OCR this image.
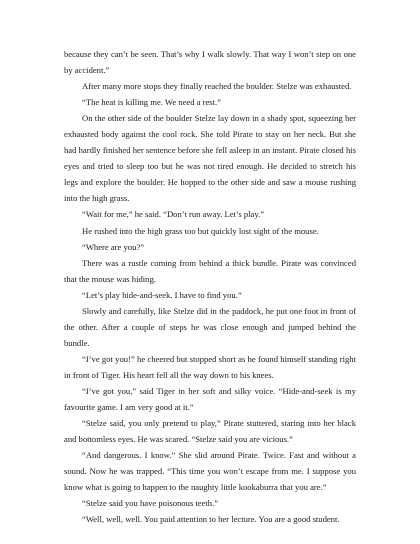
because they can’t be seen. That’s why I walk slowly. That way I won’t step on one by accident.”

After many more stops they finally reached the boulder. Stelze was exhausted.

“The heat is killing me. We need a rest.”

On the other side of the boulder Stelze lay down in a shady spot, squeezing her exhausted body against the cool rock. She told Pirate to stay on her neck. But she had hardly finished her sentence before she fell asleep in an instant. Pirate closed his eyes and tried to sleep too but he was not tired enough. He decided to stretch his legs and explore the boulder. He hopped to the other side and saw a mouse rushing into the high grass.

“Wait for me,” he said. “Don’t run away. Let’s play.”

He rushed into the high grass too but quickly lost sight of the mouse.

“Where are you?”

There was a rustle coming from behind a thick bundle. Pirate was convinced that the mouse was hiding.

“Let’s play hide-and-seek. I have to find you.”

Slowly and carefully, like Stelze did in the paddock, he put one foot in front of the other. After a couple of steps he was close enough and jumped behind the bundle.

“I’ve got you!” he cheered but stopped short as he found himself standing right in front of Tiger. His heart fell all the way down to his knees.

“I’ve got you,” said Tiger in her soft and silky voice. “Hide-and-seek is my favourite game. I am very good at it.”

“Stelze said, you only pretend to play,” Pirate stuttered, staring into her black and bottomless eyes. He was scared. “Stelze said you are vicious.”

“And dangerous. I know.” She slid around Pirate. Twice. Fast and without a sound. Now he was trapped. “This time you won’t escape from me. I suppose you know what is going to happen to the naughty little kookaburra that you are.”

“Stelze said you have poisonous teeth.”

“Well, well, well. You paid attention to her lecture. You are a good student.
